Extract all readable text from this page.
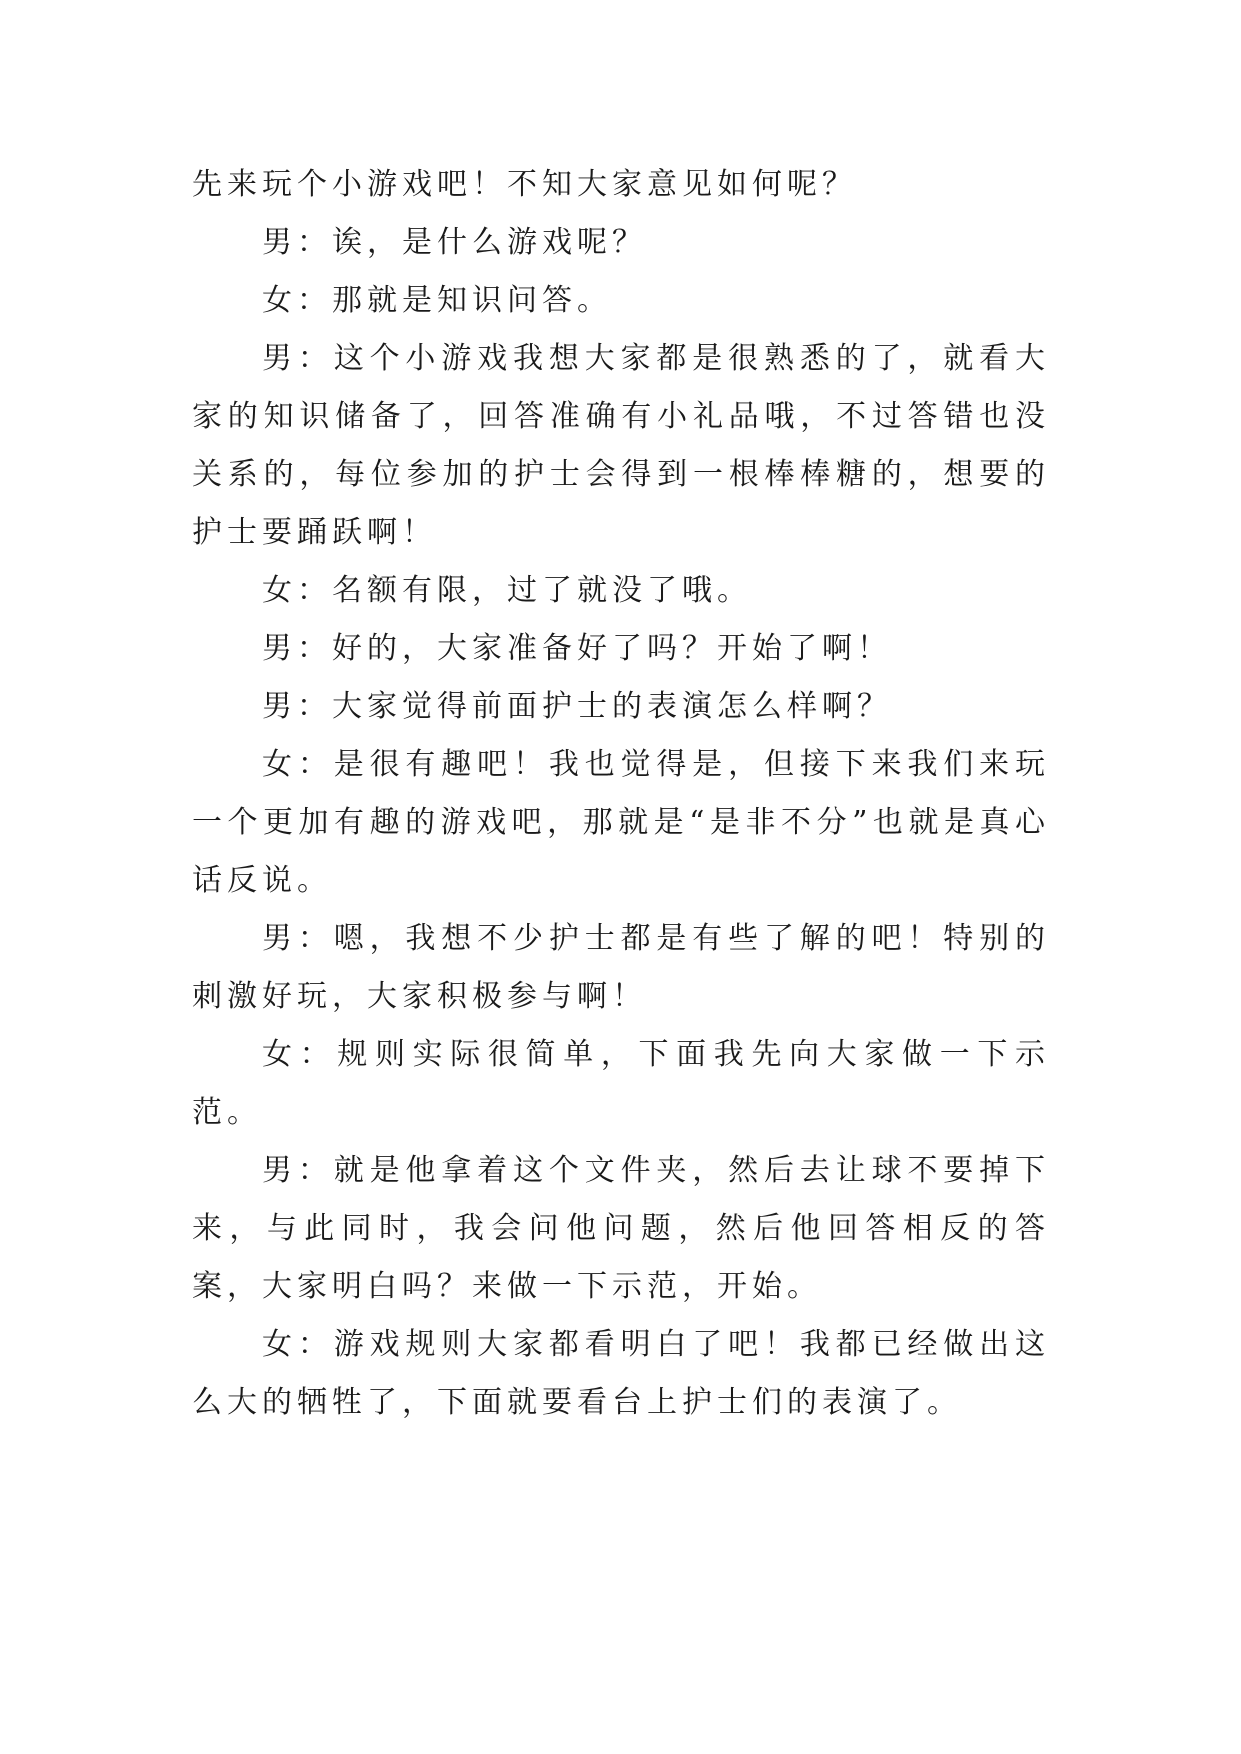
先来玩个小游戏吧！不知大家意见如何呢？

男：诶，是什么游戏呢？

女：那就是知识问答。

男：这个小游戏我想大家都是很熟悉的了，就看大家的知识储备了，回答准确有小礼品哦，不过答错也没关系的，每位参加的护士会得到一根棒棒糖的，想要的护士要踊跃啊！

女：名额有限，过了就没了哦。

男：好的，大家准备好了吗？开始了啊！

男：大家觉得前面护士的表演怎么样啊？

女：是很有趣吧！我也觉得是，但接下来我们来玩一个更加有趣的游戏吧，那就是“是非不分”也就是真心话反说。

男：嗯，我想不少护士都是有些了解的吧！特别的刺激好玩，大家积极参与啊！

女：规则实际很简单，下面我先向大家做一下示范。

男：就是他拿着这个文件夹，然后去让球不要掉下来，与此同时，我会问他问题，然后他回答相反的答案，大家明白吗？来做一下示范，开始。

女：游戏规则大家都看明白了吧！我都已经做出这么大的牺牲了，下面就要看台上护士们的表演了。
